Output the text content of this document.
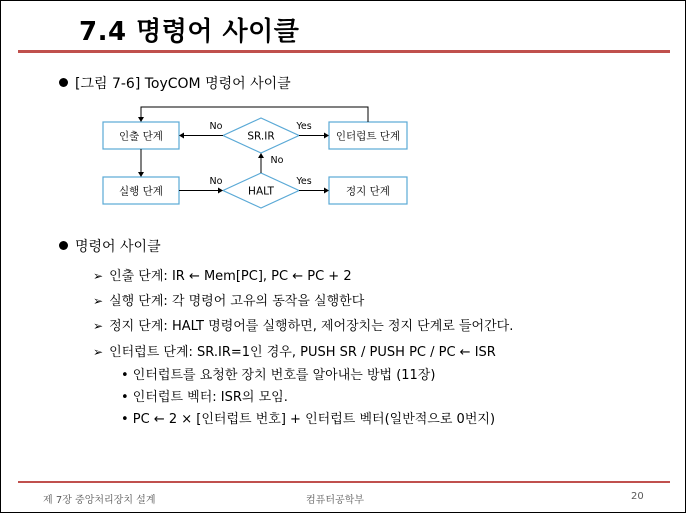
7.4 명령어 사이클
[그림 7-6] ToyCOM 명령어 사이클
인출 단계
실행 단계
인터럽트 단계
정지 단계
SR.IR
HALT
No	Yes
No
No	Yes
명령어 사이클
➢ 인출 단계: IR ← Mem[PC], PC ← PC + 2
➢ 실행 단계: 각 명령어 고유의 동작을 실행한다
➢ 정지 단계: HALT 명령어를 실행하면, 제어장치는 정지 단계로 들어간다.
➢ 인터럽트 단계: SR.IR=1인 경우, PUSH SR / PUSH PC / PC ← ISR
• 인터럽트를 요청한 장치 번호를 알아내는 방법 (11장)
• 인터럽트 벡터: ISR의 모임.
• PC ← 2 × [인터럽트 번호] + 인터럽트 벡터(일반적으로 0번지)
제 7장 중앙처리장치 설계	컴퓨터공학부	20
